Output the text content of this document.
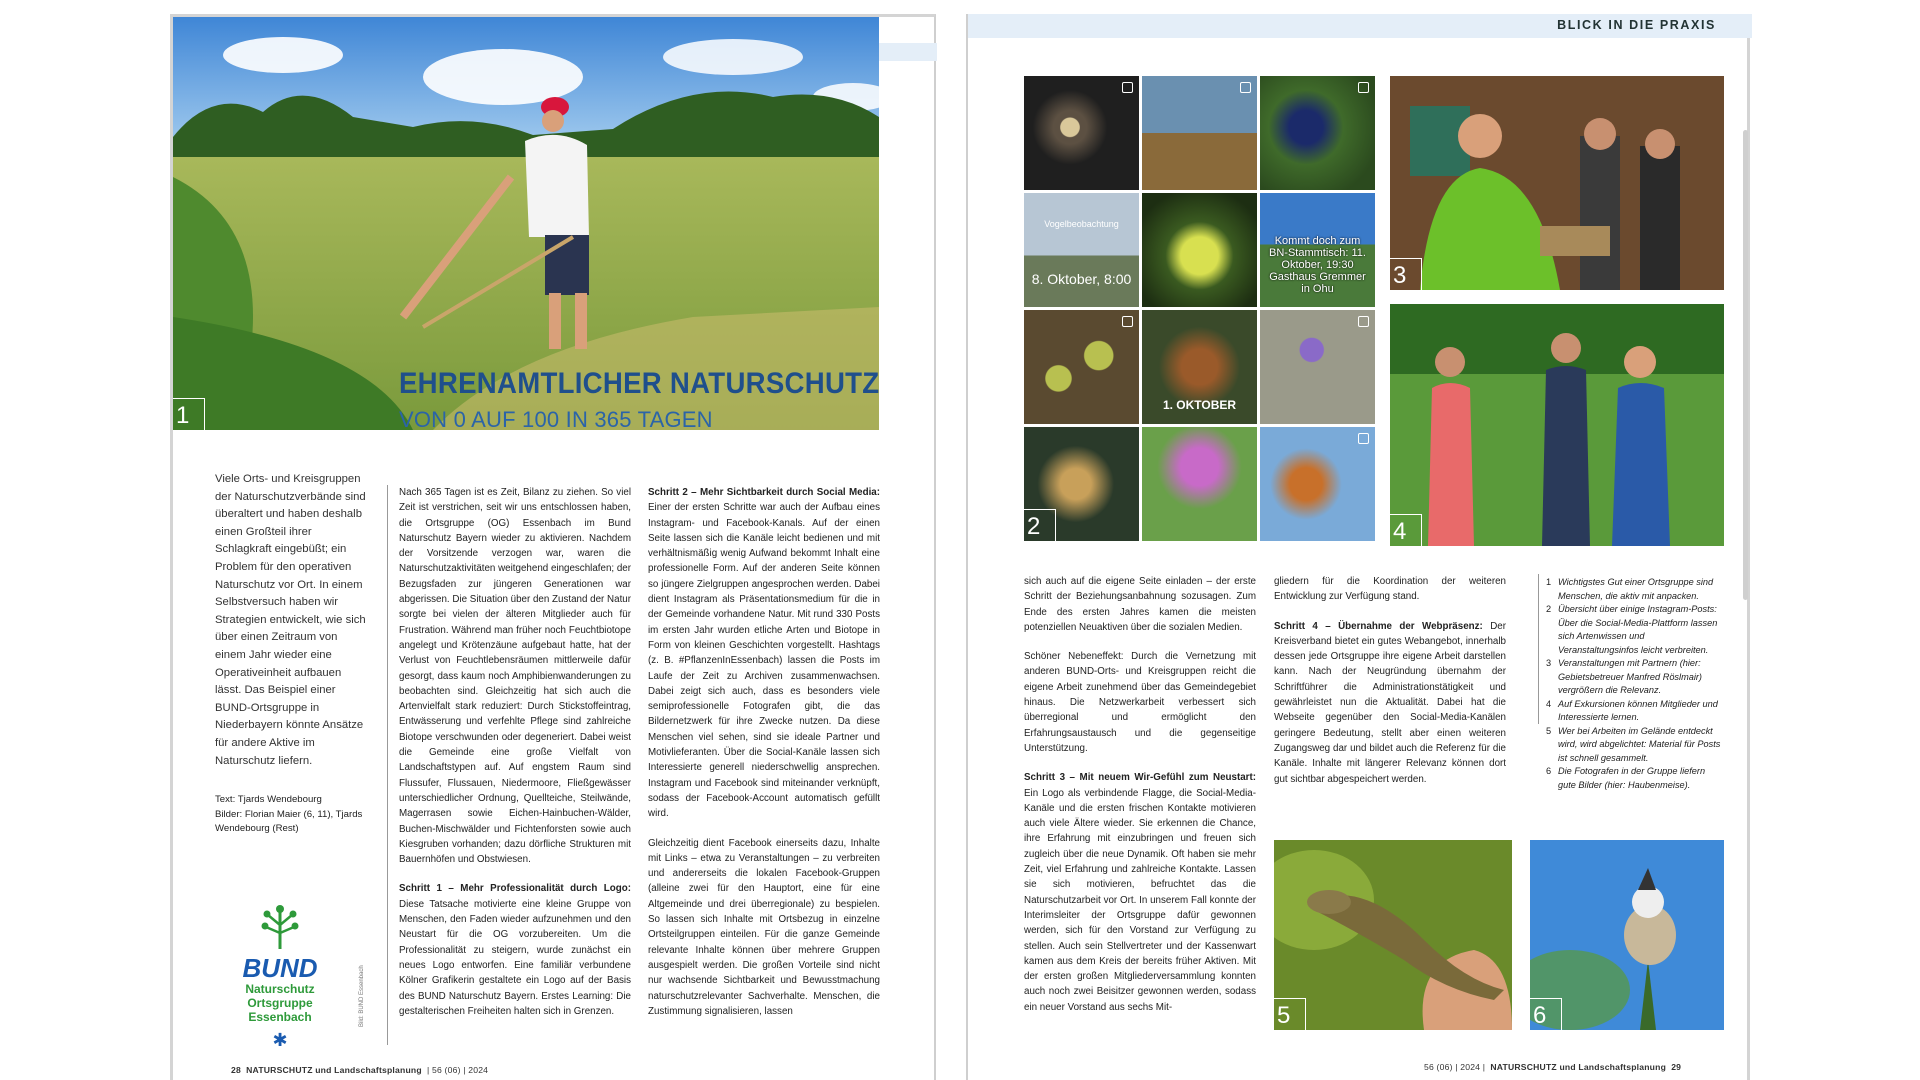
1
EHRENAMTLICHER NATURSCHUTZ
VON 0 AUF 100 IN 365 TAGEN
Viele Orts- und Kreisgruppen der Naturschutzverbände sind überaltert und haben deshalb einen Großteil ihrer Schlagkraft eingebüßt; ein Problem für den operativen Naturschutz vor Ort. In einem Selbstversuch haben wir Strategien entwickelt, wie sich über einen Zeitraum von einem Jahr wieder eine Operativeinheit aufbauen lässt. Das Beispiel einer BUND-Ortsgruppe in Niederbayern könnte Ansätze für andere Aktive im Naturschutz liefern.
Text: Tjards Wendebourg
Bilder: Florian Maier (6, 11), Tjards Wendebourg (Rest)
BUND
Naturschutz
Ortsgruppe Essenbach
✱
Bild: BUND Essenbach

Nach 365 Tagen ist es Zeit, Bilanz zu ziehen. So viel Zeit ist verstrichen, seit wir uns entschlossen haben, die Ortsgruppe (OG) Essenbach im Bund Naturschutz Bayern wieder zu aktivieren. Nachdem der Vorsitzende verzogen war, waren die Naturschutzaktivitäten weitgehend eingeschlafen; der Bezugsfaden zur jüngeren Generationen war abgerissen. Die Situation über den Zustand der Natur sorgte bei vielen der älteren Mitglieder auch für Frustration. Während man früher noch Feuchtbiotope angelegt und Krötenzäune aufgebaut hatte, hat der Verlust von Feuchtlebensräumen mittlerweile dafür gesorgt, dass kaum noch Amphibienwanderungen zu beobachten sind. Gleichzeitig hat sich auch die Artenvielfalt stark reduziert: Durch Stickstoffeintrag, Entwässerung und verfehlte Pflege sind zahlreiche Biotope verschwunden oder degeneriert. Dabei weist die Gemeinde eine große Vielfalt von Landschaftstypen auf. Auf engstem Raum sind Flussufer, Flussauen, Niedermoore, Fließgewässer unterschiedlicher Ordnung, Quellteiche, Steilwände, Magerrasen sowie Eichen-Hainbuchen-Wälder, Buchen-Mischwälder und Fichtenforsten sowie auch Kiesgruben vorhanden; dazu dörfliche Strukturen mit Bauernhöfen und Obstwiesen.

Schritt 1 – Mehr Professionalität durch Logo: Diese Tatsache motivierte eine kleine Gruppe von Menschen, den Faden wieder aufzunehmen und den Neustart für die OG vorzubereiten. Um die Professionalität zu steigern, wurde zunächst ein neues Logo entworfen. Eine familiär verbundene Kölner Grafikerin gestaltete ein Logo auf der Basis des BUND Naturschutz Bayern. Erstes Learning: Die gestalterischen Freiheiten halten sich in Grenzen.

Schritt 2 – Mehr Sichtbarkeit durch Social Media: Einer der ersten Schritte war auch der Aufbau eines Instagram- und Facebook-Kanals. Auf der einen Seite lassen sich die Kanäle leicht bedienen und mit verhältnismäßig wenig Aufwand bekommt Inhalt eine professionelle Form. Auf der anderen Seite können so jüngere Zielgruppen angesprochen werden. Dabei dient Instagram als Präsentationsmedium für die in der Gemeinde vorhandene Natur. Mit rund 330 Posts im ersten Jahr wurden etliche Arten und Biotope in Form von kleinen Geschichten vorgestellt. Hashtags (z. B. #PflanzenInEssenbach) lassen die Posts im Laufe der Zeit zu Archiven zusammenwachsen. Dabei zeigt sich auch, dass es besonders viele semiprofessionelle Fotografen gibt, die das Bildernetzwerk für ihre Zwecke nutzen. Da diese Menschen viel sehen, sind sie ideale Partner und Motivlieferanten. Über die Social-Kanäle lassen sich Interessierte generell niederschwellig ansprechen. Instagram und Facebook sind miteinander verknüpft, sodass der Facebook-Account automatisch gefüllt wird.

Gleichzeitig dient Facebook einerseits dazu, Inhalte mit Links – etwa zu Veranstaltungen – zu verbreiten und andererseits die lokalen Facebook-Gruppen (alleine zwei für den Hauptort, eine für eine Altgemeinde und drei überregionale) zu bespielen. So lassen sich Inhalte mit Ortsbezug in einzelne Ortsteilgruppen einteilen. Für die ganze Gemeinde relevante Inhalte können über mehrere Gruppen ausgespielt werden. Die großen Vorteile sind nicht nur wachsende Sichtbarkeit und Bewusstmachung naturschutzrelevanter Sachverhalte. Menschen, die Zustimmung signalisieren, lassen

28 NATURSCHUTZ und Landschaftsplanung | 56 (06) | 2024
BLICK IN DIE PRAXIS
Vogelbeobachtung
8. Oktober, 8:00
Kommt doch zum BN-Stammtisch: 11. Oktober, 19:30 Gasthaus Gremmer in Ohu
1. OKTOBER
2
3
4

sich auch auf die eigene Seite einladen – der erste Schritt der Beziehungsanbahnung sozusagen. Zum Ende des ersten Jahres kamen die meisten potenziellen Neuaktiven über die sozialen Medien.

Schöner Nebeneffekt: Durch die Vernetzung mit anderen BUND-Orts- und Kreisgruppen reicht die eigene Arbeit zunehmend über das Gemeindegebiet hinaus. Die Netzwerkarbeit verbessert sich überregional und ermöglicht den Erfahrungsaustausch und die gegenseitige Unterstützung.

Schritt 3 – Mit neuem Wir-Gefühl zum Neustart: Ein Logo als verbindende Flagge, die Social-Media-Kanäle und die ersten frischen Kontakte motivieren auch viele Ältere wieder. Sie erkennen die Chance, ihre Erfahrung mit einzubringen und freuen sich zugleich über die neue Dynamik. Oft haben sie mehr Zeit, viel Erfahrung und zahlreiche Kontakte. Lassen sie sich motivieren, befruchtet das die Naturschutzarbeit vor Ort. In unserem Fall konnte der Interimsleiter der Ortsgruppe dafür gewonnen werden, sich für den Vorstand zur Verfügung zu stellen. Auch sein Stellvertreter und der Kassenwart kamen aus dem Kreis der bereits früher Aktiven. Mit der ersten großen Mitgliederversammlung konnten auch noch zwei Beisitzer gewonnen werden, sodass ein neuer Vorstand aus sechs Mit-

gliedern für die Koordination der weiteren Entwicklung zur Verfügung stand.

Schritt 4 – Übernahme der Webpräsenz: Der Kreisverband bietet ein gutes Webangebot, innerhalb dessen jede Ortsgruppe ihre eigene Arbeit darstellen kann. Nach der Neugründung übernahm der Schriftführer die Administrationstätigkeit und gewährleistet nun die Aktualität. Dabei hat die Webseite gegenüber den Social-Media-Kanälen geringere Bedeutung, stellt aber einen weiteren Zugangsweg dar und bildet auch die Referenz für die Kanäle. Inhalte mit längerer Relevanz können dort gut sichtbar abgespeichert werden.

1 Wichtigstes Gut einer Ortsgruppe sind Menschen, die aktiv mit anpacken.
2 Übersicht über einige Instagram-Posts: Über die Social-Media-Plattform lassen sich Artenwissen und Veranstaltungsinfos leicht verbreiten.
3 Veranstaltungen mit Partnern (hier: Gebietsbetreuer Manfred Röslmair) vergrößern die Relevanz.
4 Auf Exkursionen können Mitglieder und Interessierte lernen.
5 Wer bei Arbeiten im Gelände entdeckt wird, wird abgelichtet: Material für Posts ist schnell gesammelt.
6 Die Fotografen in der Gruppe liefern gute Bilder (hier: Haubenmeise).
5	6
56 (06) | 2024 | NATURSCHUTZ und Landschaftsplanung 29
